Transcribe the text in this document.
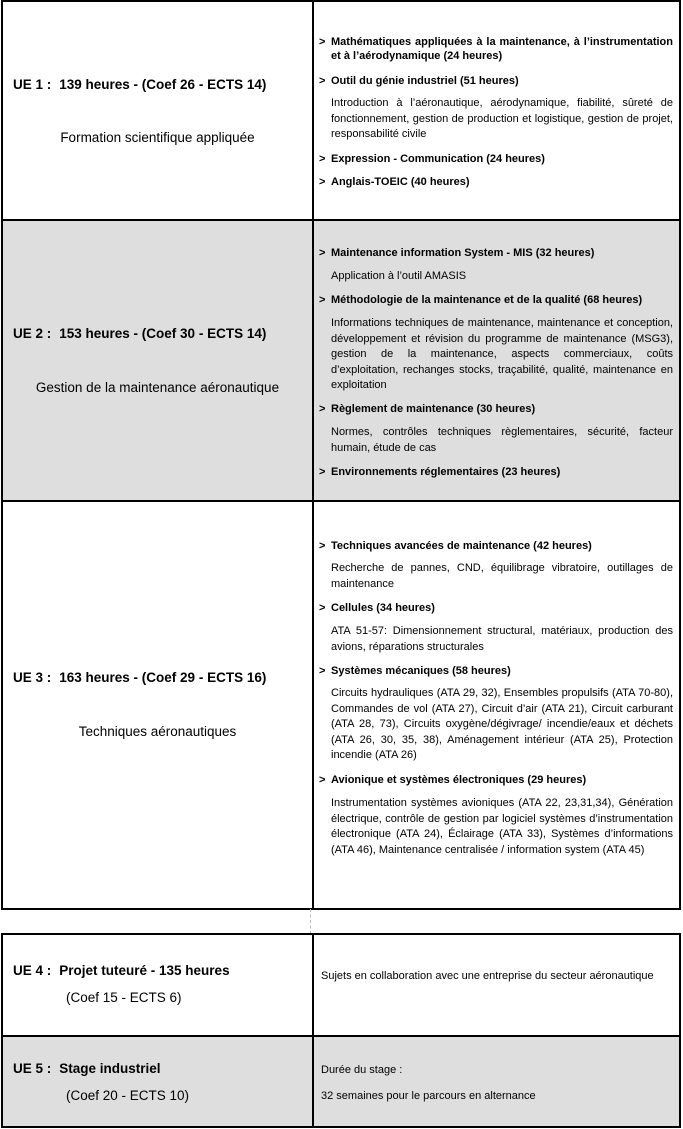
UE 1 : 139 heures - (Coef 26 - ECTS 14)
Formation scientifique appliquée
> Mathématiques appliquées à la maintenance, à l’instrumentation et à l’aérodynamique (24 heures)
> Outil du génie industriel (51 heures)
Introduction à l’aéronautique, aérodynamique, fiabilité, sûreté de fonctionnement, gestion de production et logistique, gestion de projet, responsabilité civile
> Expression - Communication (24 heures)
> Anglais-TOEIC (40 heures)
UE 2 : 153 heures - (Coef 30 - ECTS 14)
Gestion de la maintenance aéronautique
> Maintenance information System - MIS (32 heures)
Application à l’outil AMASIS
> Méthodologie de la maintenance et de la qualité (68 heures)
Informations techniques de maintenance, maintenance et conception, développement et révision du programme de maintenance (MSG3), gestion de la maintenance, aspects commerciaux, coûts d’exploitation, rechanges stocks, traçabilité, qualité, maintenance en exploitation
> Règlement de maintenance (30 heures)
Normes, contrôles techniques règlementaires, sécurité, facteur humain, étude de cas
> Environnements réglementaires (23 heures)
UE 3 : 163 heures - (Coef 29 - ECTS 16)
Techniques aéronautiques
> Techniques avancées de maintenance (42 heures)
Recherche de pannes, CND, équilibrage vibratoire, outillages de maintenance
> Cellules (34 heures)
ATA 51-57: Dimensionnement structural, matériaux, production des avions, réparations structurales
> Systèmes mécaniques (58 heures)
Circuits hydrauliques (ATA 29, 32), Ensembles propulsifs (ATA 70-80), Commandes de vol (ATA 27), Circuit d’air (ATA 21), Circuit carburant (ATA 28, 73), Circuits oxygène/dégivrage/ incendie/eaux et déchets (ATA 26, 30, 35, 38), Aménagement intérieur (ATA 25), Protection incendie (ATA 26)
> Avionique et systèmes électroniques (29 heures)
Instrumentation systèmes avioniques (ATA 22, 23,31,34), Génération électrique, contrôle de gestion par logiciel systèmes d’instrumentation électronique (ATA 24), Éclairage (ATA 33), Systèmes d’informations (ATA 46), Maintenance centralisée / information system (ATA 45)
UE 4 : Projet tuteuré - 135 heures
(Coef 15 - ECTS 6)
Sujets en collaboration avec une entreprise du secteur aéronautique
UE 5 : Stage industriel
(Coef 20 - ECTS 10)
Durée du stage :
32 semaines pour le parcours en alternance
